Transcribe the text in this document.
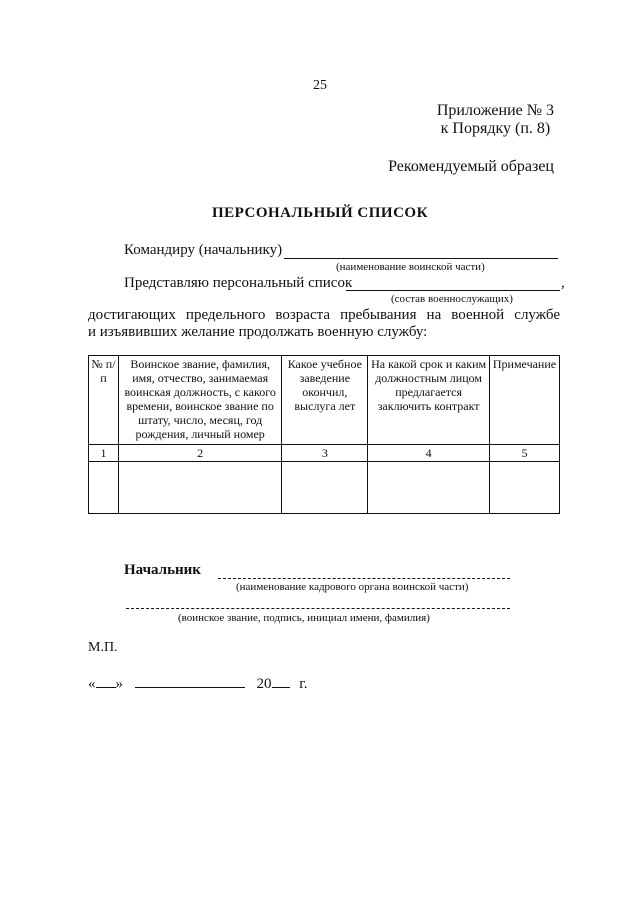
25
Приложение № 3
к Порядку (п. 8)
Рекомендуемый образец
ПЕРСОНАЛЬНЫЙ СПИСОК
Командиру (начальнику)
(наименование воинской части)
Представляю персональный список	,
(состав военнослужащих)
достигающих предельного возраста пребывания на военной службе
и изъявивших желание продолжать военную службу:
№ п/п	Воинское звание, фамилия, имя, отчество, занимаемая воинская должность, с какого времени, воинское звание по штату, число, месяц, год рождения, личный номер	Какое учебное заведение окончил, выслуга лет	На какой срок и каким должностным лицом предлагается заключить контракт	Примечание
1	2	3	4	5

Начальник
(наименование кадрового органа воинской части)
(воинское звание, подпись, инициал имени, фамилия)
М.П.
« »	20 г.
